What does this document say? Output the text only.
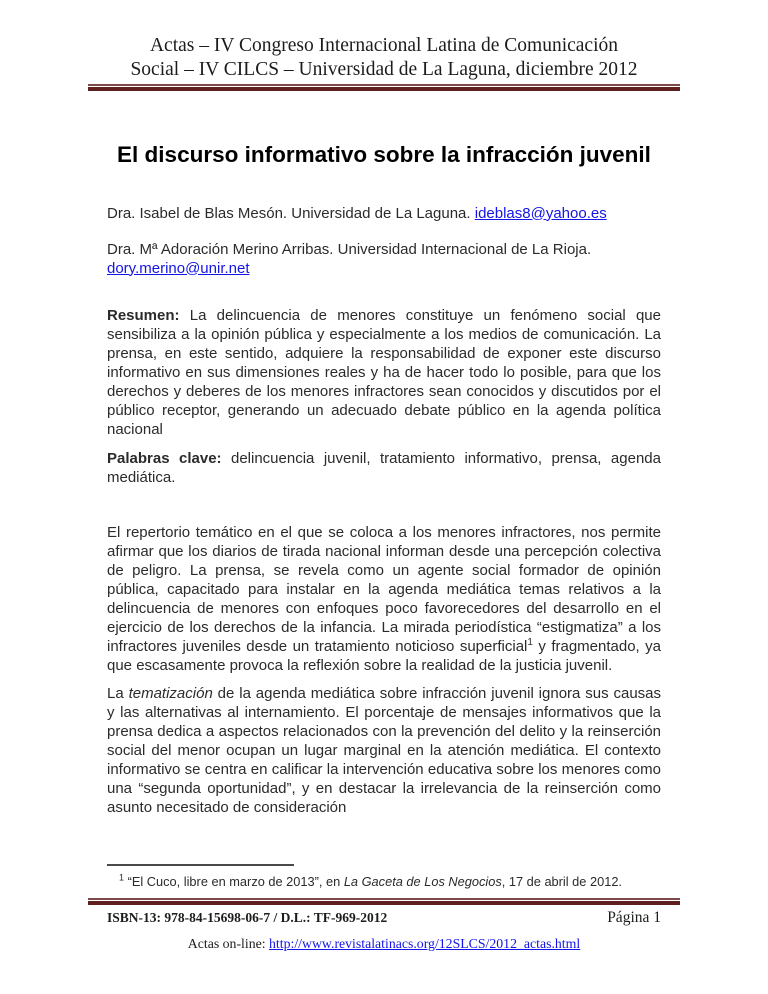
Actas – IV Congreso Internacional Latina de Comunicación
Social – IV CILCS – Universidad de La Laguna, diciembre 2012
El discurso informativo sobre la infracción juvenil

Dra. Isabel de Blas Mesón. Universidad de La Laguna. ideblas8@yahoo.es

Dra. Mª Adoración Merino Arribas. Universidad Internacional de La Rioja. dory.merino@unir.net

Resumen: La delincuencia de menores constituye un fenómeno social que sensibiliza a la opinión pública y especialmente a los medios de comunicación. La prensa, en este sentido, adquiere la responsabilidad de exponer este discurso informativo en sus dimensiones reales y ha de hacer todo lo posible, para que los derechos y deberes de los menores infractores sean conocidos y discutidos por el público receptor, generando un adecuado debate público en la agenda política nacional

Palabras clave: delincuencia juvenil, tratamiento informativo, prensa, agenda mediática.

El repertorio temático en el que se coloca a los menores infractores, nos permite afirmar que los diarios de tirada nacional informan desde una percepción colectiva de peligro. La prensa, se revela como un agente social formador de opinión pública, capacitado para instalar en la agenda mediática temas relativos a la delincuencia de menores con enfoques poco favorecedores del desarrollo en el ejercicio de los derechos de la infancia. La mirada periodística “estigmatiza” a los infractores juveniles desde un tratamiento noticioso superficial$^1$ y fragmentado, ya que escasamente provoca la reflexión sobre la realidad de la justicia juvenil.

La tematización de la agenda mediática sobre infracción juvenil ignora sus causas y las alternativas al internamiento. El porcentaje de mensajes informativos que la prensa dedica a aspectos relacionados con la prevención del delito y la reinserción social del menor ocupan un lugar marginal en la atención mediática. El contexto informativo se centra en calificar la intervención educativa sobre los menores como una “segunda oportunidad”, y en destacar la irrelevancia de la reinserción como asunto necesitado de consideración

$^1$ “El Cuco, libre en marzo de 2013”, en La Gaceta de Los Negocios, 17 de abril de 2012.

ISBN-13: 978-84-15698-06-7 / D.L.: TF-969-2012	Página 1

Actas on-line: http://www.revistalatinacs.org/12SLCS/2012_actas.html
